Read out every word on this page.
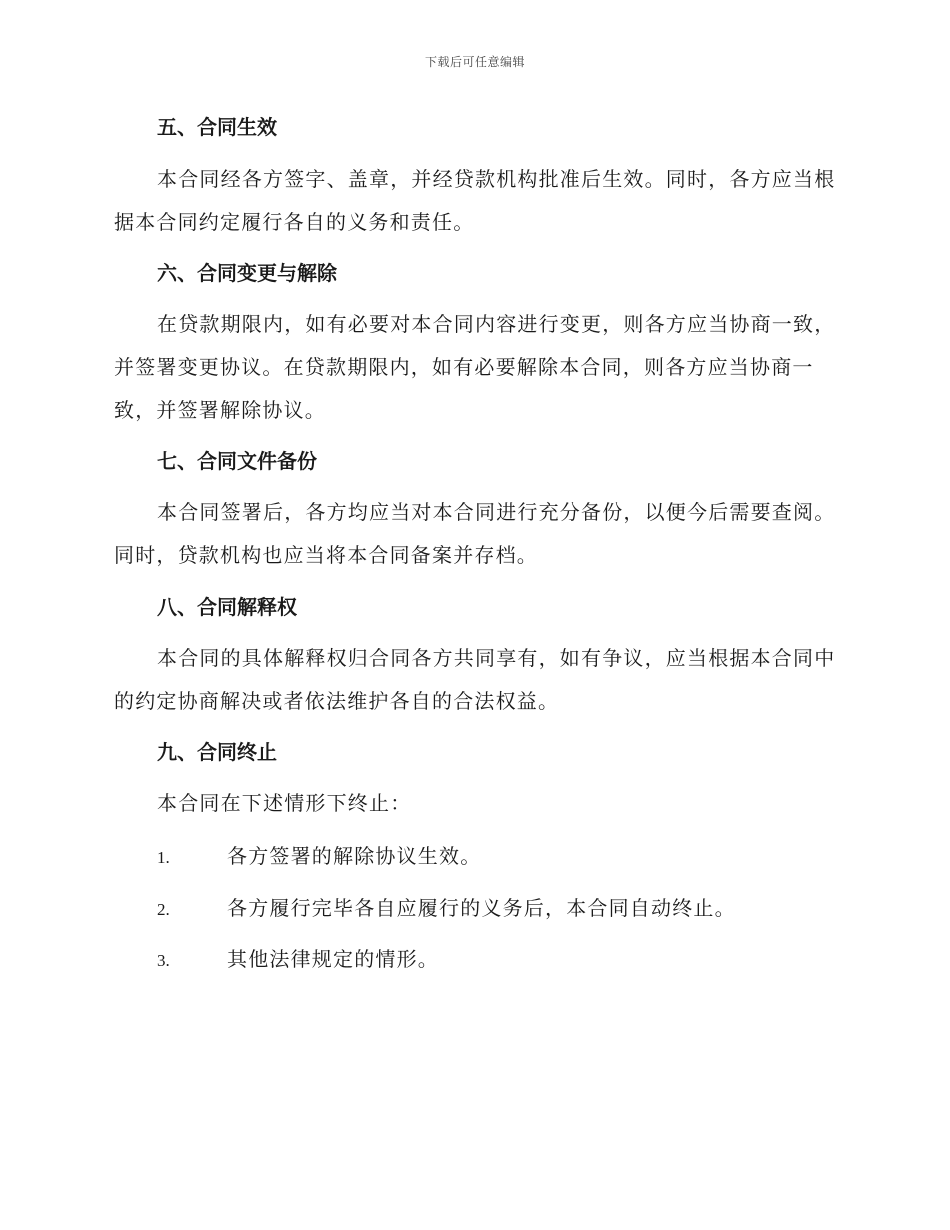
下载后可任意编辑
五、合同生效
本合同经各方签字、盖章，并经贷款机构批准后生效。同时，各方应当根据本合同约定履行各自的义务和责任。
六、合同变更与解除
在贷款期限内，如有必要对本合同内容进行变更，则各方应当协商一致，并签署变更协议。在贷款期限内，如有必要解除本合同，则各方应当协商一致，并签署解除协议。
七、合同文件备份
本合同签署后，各方均应当对本合同进行充分备份，以便今后需要查阅。同时，贷款机构也应当将本合同备案并存档。
八、合同解释权
本合同的具体解释权归合同各方共同享有，如有争议，应当根据本合同中的约定协商解决或者依法维护各自的合法权益。
九、合同终止
本合同在下述情形下终止：
1.	各方签署的解除协议生效。
2.	各方履行完毕各自应履行的义务后，本合同自动终止。
3.	其他法律规定的情形。
